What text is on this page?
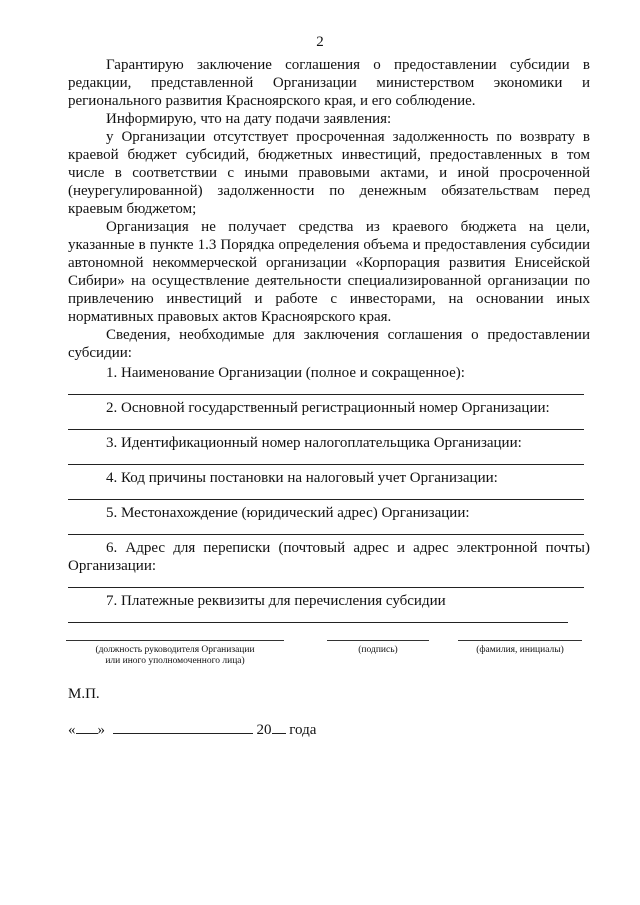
2

Гарантирую заключение соглашения о предоставлении субсидии в редакции, представленной Организации министерством экономики и регионального развития Красноярского края, и его соблюдение.

Информирую, что на дату подачи заявления:

у Организации отсутствует просроченная задолженность по возврату в краевой бюджет субсидий, бюджетных инвестиций, предоставленных в том числе в соответствии с иными правовыми актами, и иной просроченной (неурегулированной) задолженности по денежным обязательствам перед краевым бюджетом;

Организация не получает средства из краевого бюджета на цели, указанные в пункте 1.3 Порядка определения объема и предоставления субсидии автономной некоммерческой организации «Корпорация развития Енисейской Сибири» на осуществление деятельности специализированной организации по привлечению инвестиций и работе с инвесторами, на основании иных нормативных правовых актов Красноярского края.

Сведения, необходимые для заключения соглашения о предоставлении субсидии:

1. Наименование Организации (полное и сокращенное):

2. Основной государственный регистрационный номер Организации:

3. Идентификационный номер налогоплательщика Организации:

4. Код причины постановки на налоговый учет Организации:

5. Местонахождение (юридический адрес) Организации:

6. Адрес для переписки (почтовый адрес и адрес электронной почты) Организации:

7. Платежные реквизиты для перечисления субсидии

(должность руководителя Организации
или иного уполномоченного лица)
(подпись)	(фамилия, инициалы)
М.П.
« »	20 года
